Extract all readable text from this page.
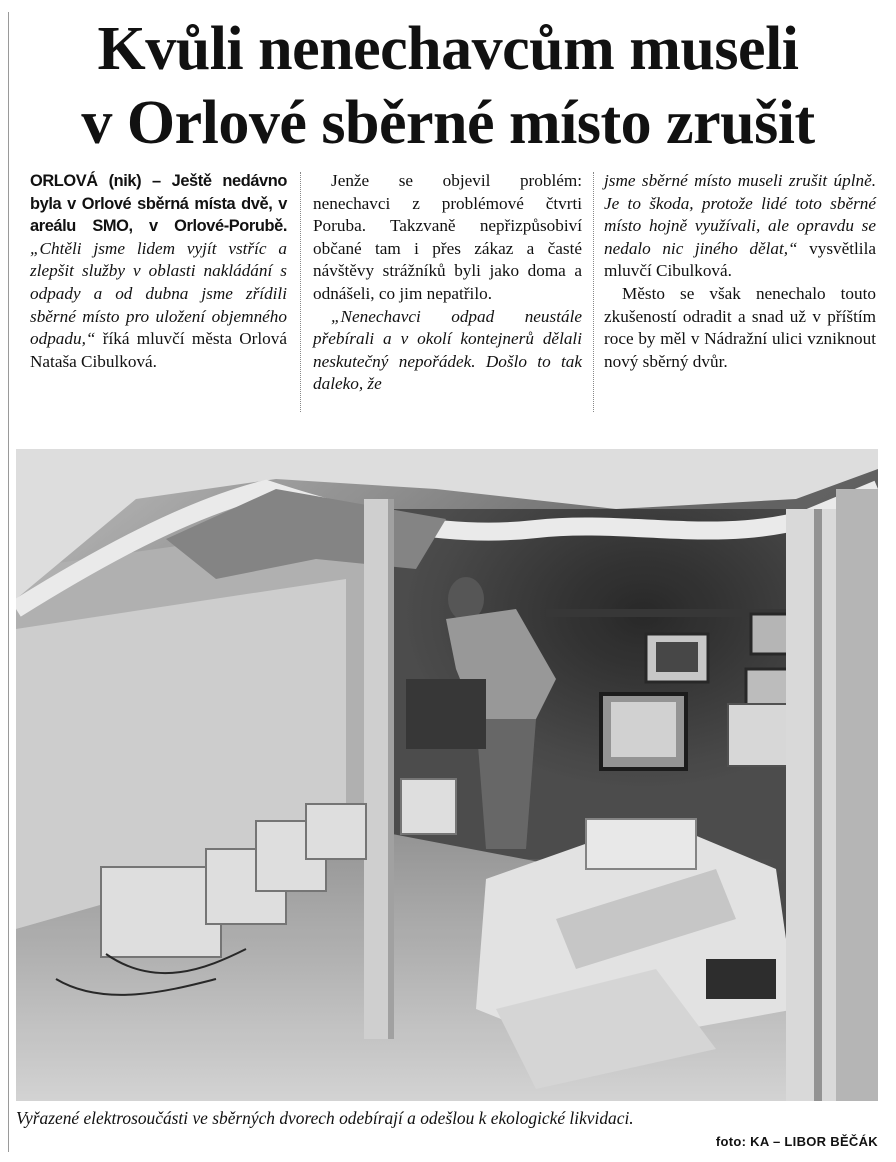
Kvůli nenechavcům museli
v Orlové sběrné místo zrušit

ORLOVÁ (nik) – Ještě nedávno byla v Orlové sběrná místa dvě, v areálu SMO, v Orlové-Porubě. „Chtěli jsme lidem vyjít vstříc a zlepšit služby v oblasti nakládání s odpady a od dubna jsme zřídili sběrné místo pro uložení objemného odpadu,“ říká mluvčí města Orlová Nataša Cibulková.

Jenže se objevil problém: nenechavci z problémové čtvrti Poruba. Takzvaně nepřizpůsobiví občané tam i přes zákaz a časté návštěvy strážníků byli jako doma a odnášeli, co jim nepatřilo.

„Nenechavci odpad neustále přebírali a v okolí kontejnerů dělali neskutečný nepořádek. Došlo to tak daleko, že

jsme sběrné místo museli zrušit úplně. Je to škoda, protože lidé toto sběrné místo hojně využívali, ale opravdu se nedalo nic jiného dělat,“ vysvětlila mluvčí Cibulková.

Město se však nenechalo touto zkušeností odradit a snad už v příštím roce by měl v Nádražní ulici vzniknout nový sběrný dvůr.

Vyřazené elektrosoučásti ve sběrných dvorech odebírají a odešlou k ekologické likvidaci.

foto: KA – LIBOR BĚČÁK
